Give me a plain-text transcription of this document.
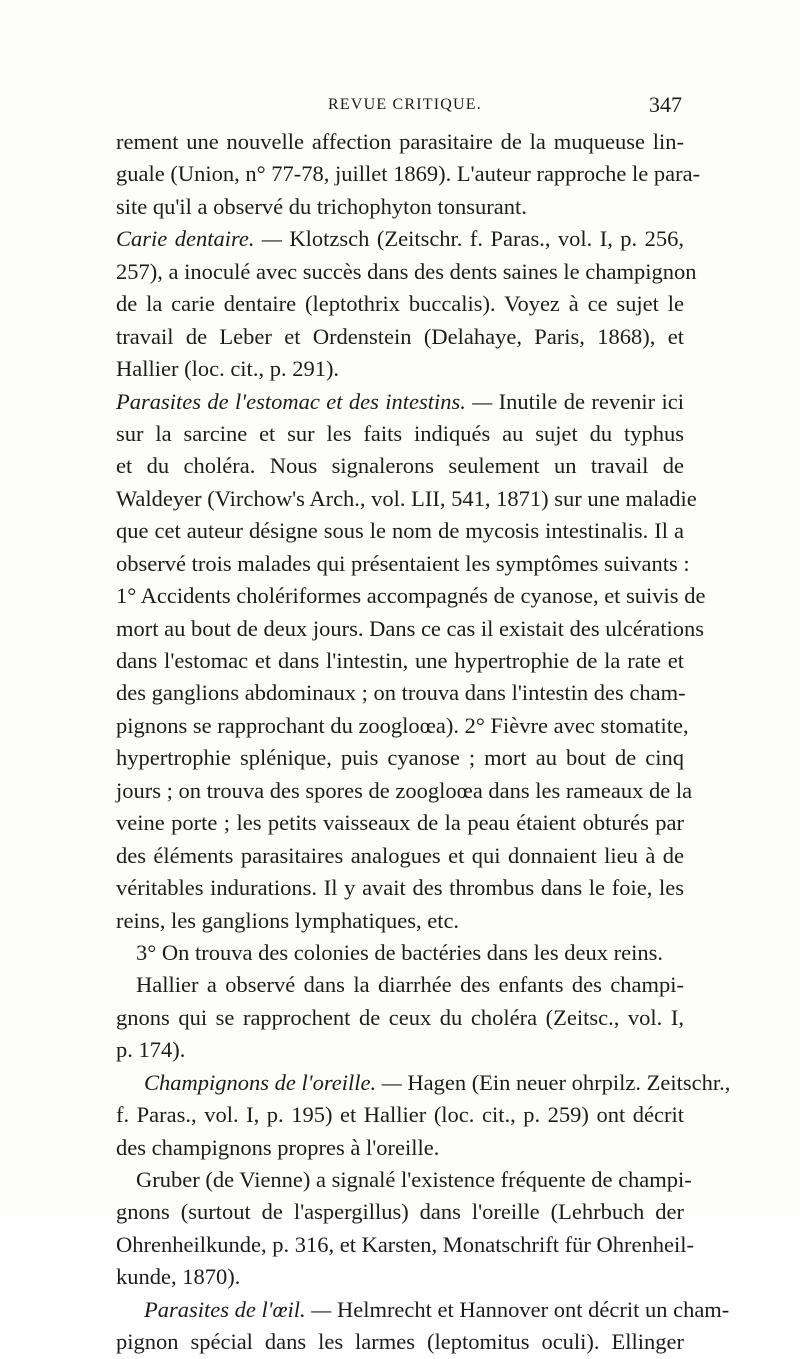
REVUE CRITIQUE.	347
rement une nouvelle affection parasitaire de la muqueuse lin-
guale (Union, n° 77-78, juillet 1869). L'auteur rapproche le para-
site qu'il a observé du trichophyton tonsurant.
Carie dentaire. — Klotzsch (Zeitschr. f. Paras., vol. I, p. 256,
257), a inoculé avec succès dans des dents saines le champignon
de la carie dentaire (leptothrix buccalis). Voyez à ce sujet le
travail de Leber et Ordenstein (Delahaye, Paris, 1868), et
Hallier (loc. cit., p. 291).
Parasites de l'estomac et des intestins. — Inutile de revenir ici
sur la sarcine et sur les faits indiqués au sujet du typhus
et du choléra. Nous signalerons seulement un travail de
Waldeyer (Virchow's Arch., vol. LII, 541, 1871) sur une maladie
que cet auteur désigne sous le nom de mycosis intestinalis. Il a
observé trois malades qui présentaient les symptômes suivants :
1° Accidents cholériformes accompagnés de cyanose, et suivis de
mort au bout de deux jours. Dans ce cas il existait des ulcérations
dans l'estomac et dans l'intestin, une hypertrophie de la rate et
des ganglions abdominaux ; on trouva dans l'intestin des cham-
pignons se rapprochant du zoogloœa). 2° Fièvre avec stomatite,
hypertrophie splénique, puis cyanose ; mort au bout de cinq
jours ; on trouva des spores de zoogloœa dans les rameaux de la
veine porte ; les petits vaisseaux de la peau étaient obturés par
des éléments parasitaires analogues et qui donnaient lieu à de
véritables indurations. Il y avait des thrombus dans le foie, les
reins, les ganglions lymphatiques, etc.
3° On trouva des colonies de bactéries dans les deux reins.
Hallier a observé dans la diarrhée des enfants des champi-
gnons qui se rapprochent de ceux du choléra (Zeitsc., vol. I,
p. 174).
Champignons de l'oreille. — Hagen (Ein neuer ohrpilz. Zeitschr.,
f. Paras., vol. I, p. 195) et Hallier (loc. cit., p. 259) ont décrit
des champignons propres à l'oreille.
Gruber (de Vienne) a signalé l'existence fréquente de champi-
gnons (surtout de l'aspergillus) dans l'oreille (Lehrbuch der
Ohrenheilkunde, p. 316, et Karsten, Monatschrift für Ohrenheil-
kunde, 1870).
Parasites de l'œil. — Helmrecht et Hannover ont décrit un cham-
pignon spécial dans les larmes (leptomitus oculi). Ellinger
